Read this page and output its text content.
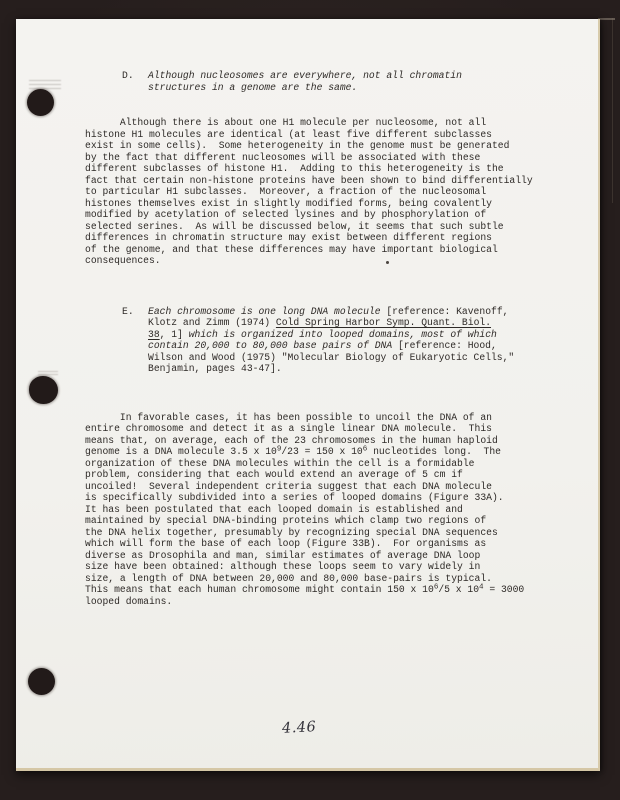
D.	Although nucleosomes are everywhere, not all chromatin
structures in a genome are the same.
Although there is about one H1 molecule per nucleosome, not all
histone H1 molecules are identical (at least five different subclasses
exist in some cells).  Some heterogeneity in the genome must be generated
by the fact that different nucleosomes will be associated with these
different subclasses of histone H1.  Adding to this heterogeneity is the
fact that certain non-histone proteins have been shown to bind differentially
to particular H1 subclasses.  Moreover, a fraction of the nucleosomal
histones themselves exist in slightly modified forms, being covalently
modified by acetylation of selected lysines and by phosphorylation of
selected serines.  As will be discussed below, it seems that such subtle
differences in chromatin structure may exist between different regions
of the genome, and that these differences may have important biological
consequences.
E.	Each chromosome is one long DNA molecule [reference: Kavenoff,
Klotz and Zimm (1974) Cold Spring Harbor Symp. Quant. Biol.
38, 1] which is organized into looped domains, most of which
contain 20,000 to 80,000 base pairs of DNA [reference: Hood,
Wilson and Wood (1975) "Molecular Biology of Eukaryotic Cells,"
Benjamin, pages 43-47].
In favorable cases, it has been possible to uncoil the DNA of an
entire chromosome and detect it as a single linear DNA molecule.  This
means that, on average, each of the 23 chromosomes in the human haploid
genome is a DNA molecule 3.5 x $10^9/23 = 150$ x $10^6$ nucleotides long.  The
organization of these DNA molecules within the cell is a formidable
problem, considering that each would extend an average of 5 cm if
uncoiled!  Several independent criteria suggest that each DNA molecule
is specifically subdivided into a series of looped domains (Figure 33A).
It has been postulated that each looped domain is established and
maintained by special DNA-binding proteins which clamp two regions of
the DNA helix together, presumably by recognizing special DNA sequences
which will form the base of each loop (Figure 33B).  For organisms as
diverse as Drosophila and man, similar estimates of average DNA loop
size have been obtained: although these loops seem to vary widely in
size, a length of DNA between 20,000 and 80,000 base-pairs is typical.
This means that each human chromosome might contain 150 x $10^6/5$ x $10^4 = 3000$
looped domains.
4.46
